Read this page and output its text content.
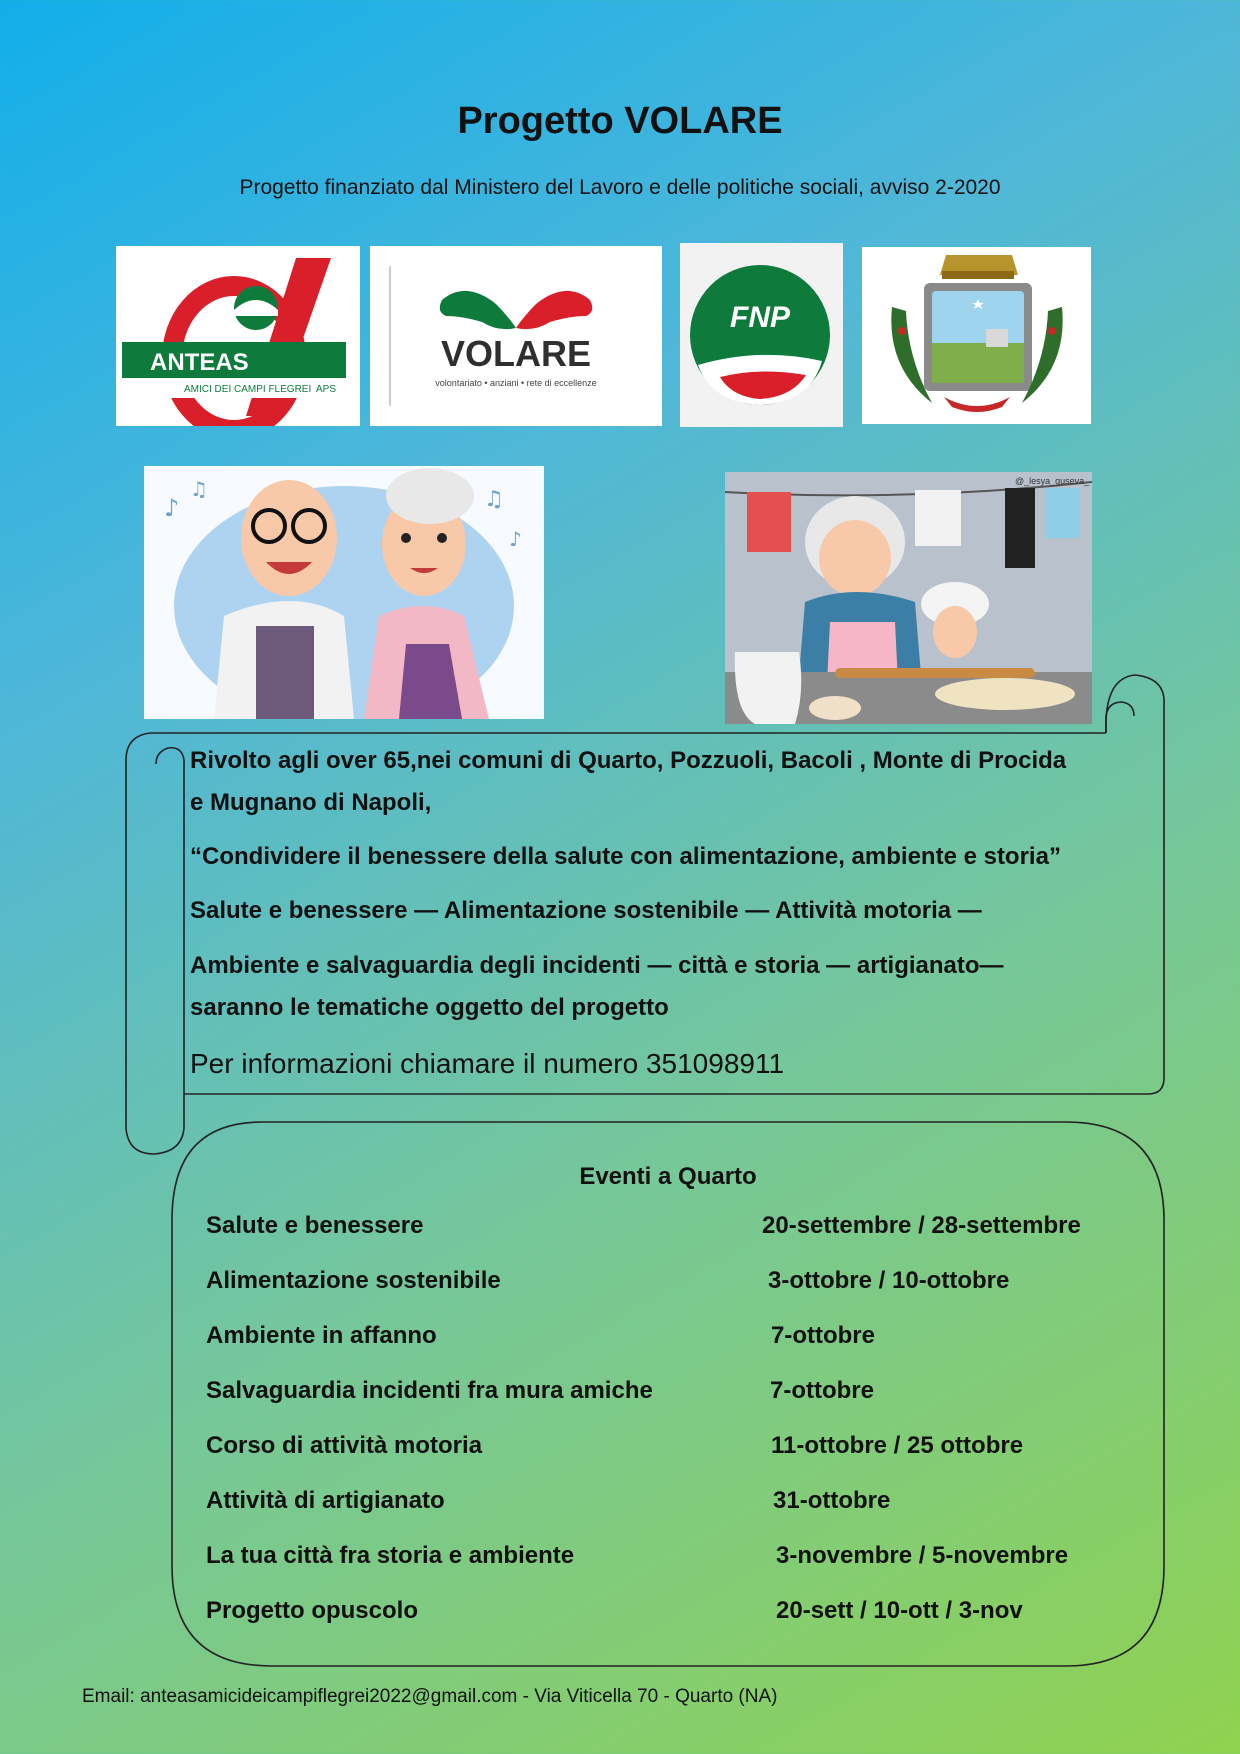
Progetto VOLARE
Progetto finanziato dal Ministero del Lavoro e delle politiche sociali, avviso 2-2020
ANTEAS
AMICI DEI CAMPI FLEGREI APS
VOLARE
volontariato • anziani • rete di eccellenze
FNP
♪
♫	♫
♪
@_lesya_guseva_
Rivolto agli over 65,nei comuni di Quarto, Pozzuoli, Bacoli , Monte di Procida
e Mugnano di Napoli,
“Condividere il benessere della salute con alimentazione, ambiente e storia”
Salute e benessere — Alimentazione sostenibile — Attività motoria —
Ambiente e salvaguardia degli incidenti — città e storia — artigianato—
saranno le tematiche oggetto del progetto
Per informazioni chiamare il numero 351098911
Eventi a Quarto
Salute e benessere	20-settembre / 28-settembre
Alimentazione sostenibile	3-ottobre / 10-ottobre
Ambiente in affanno	7-ottobre
Salvaguardia incidenti fra mura amiche	7-ottobre
Corso di attività motoria	11-ottobre / 25 ottobre
Attività di artigianato	31-ottobre
La tua città fra storia e ambiente	3-novembre / 5-novembre
Progetto opuscolo	20-sett / 10-ott / 3-nov
Email: anteasamicideicampiflegrei2022@gmail.com - Via Viticella 70 - Quarto (NA)
